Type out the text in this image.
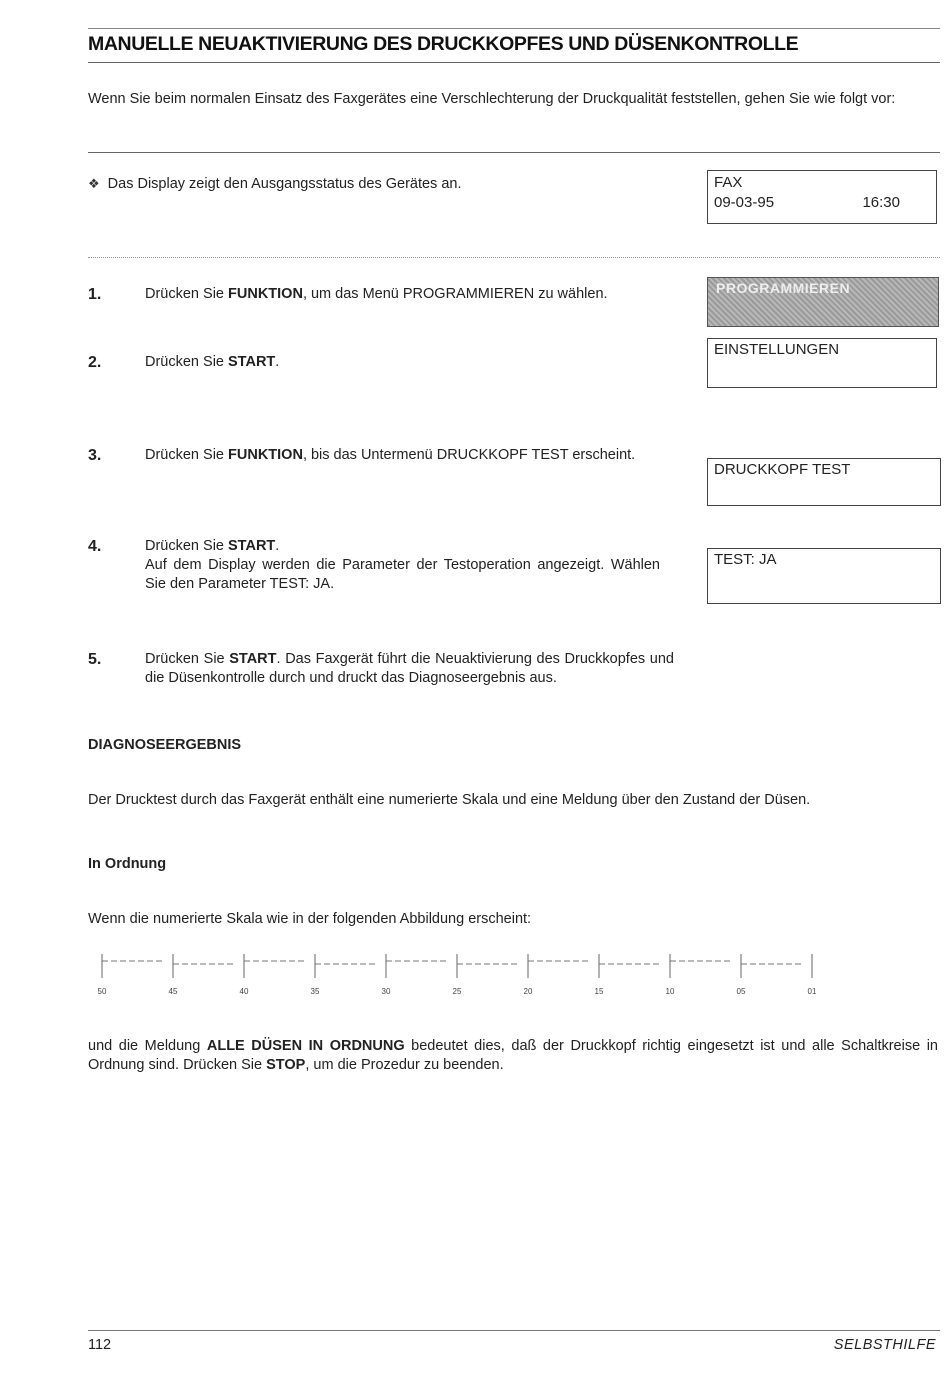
MANUELLE NEUAKTIVIERUNG DES DRUCKKOPFES UND DÜSENKONTROLLE
Wenn Sie beim normalen Einsatz des Faxgerätes eine Verschlechterung der Druckqualität feststellen, gehen Sie wie folgt vor:
❖ Das Display zeigt den Ausgangsstatus des Gerätes an.	FAX
09-03-95	16:30
1.	Drücken Sie FUNKTION, um das Menü PROGRAMMIEREN zu wählen.	PROGRAMMIEREN
2.	Drücken Sie START.
EINSTELLUNGEN
3.	Drücken Sie FUNKTION, bis das Untermenü DRUCKKOPF TEST erscheint.
DRUCKKOPF TEST
4.	Drücken Sie START.
Auf dem Display werden die Parameter der Testoperation angezeigt. Wählen Sie den Parameter TEST: JA.
TEST: JA
5.	Drücken Sie START. Das Faxgerät führt die Neuaktivierung des Druckkopfes und die Düsenkontrolle durch und druckt das Diagnoseergebnis aus.
DIAGNOSEERGEBNIS
Der Drucktest durch das Faxgerät enthält eine numerierte Skala und eine Meldung über den Zustand der Düsen.
In Ordnung
Wenn die numerierte Skala wie in der folgenden Abbildung erscheint:
50	45	40	35	30	25	20	15	10	05	01
und die Meldung ALLE DÜSEN IN ORDNUNG bedeutet dies, daß der Druckkopf richtig eingesetzt ist und alle Schaltkreise in Ordnung sind. Drücken Sie STOP, um die Prozedur zu beenden.
112	SELBSTHILFE
